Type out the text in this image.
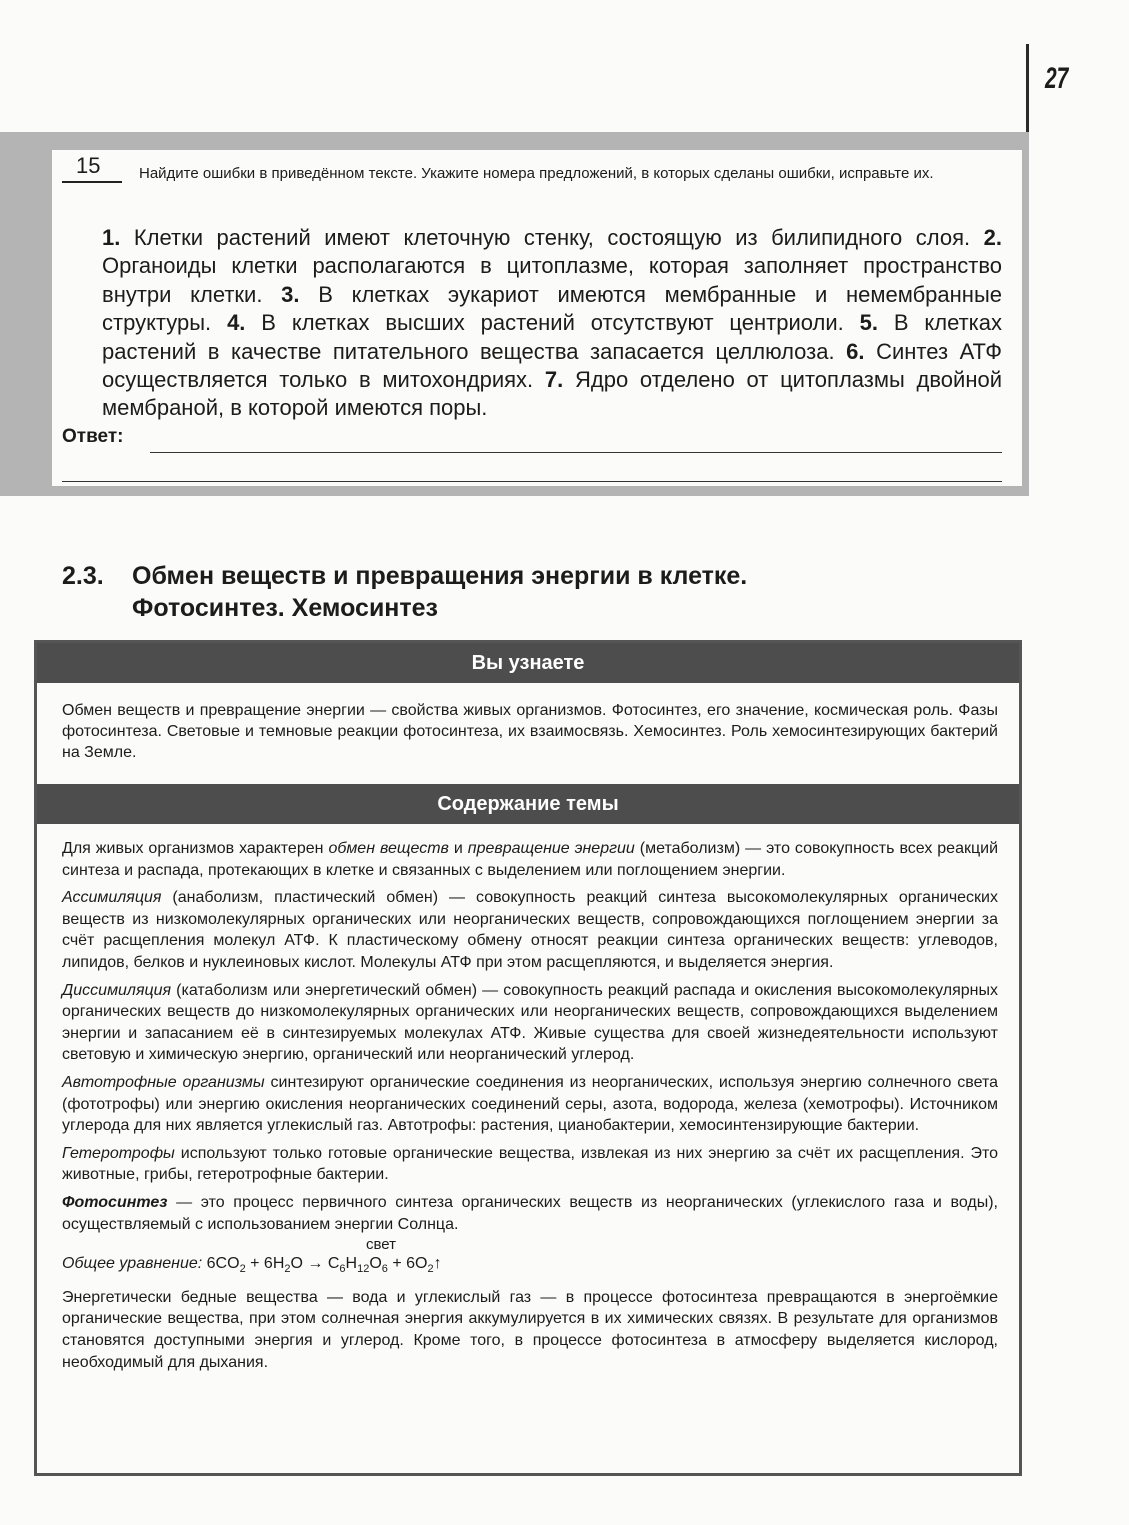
27
15	Найдите ошибки в приведённом тексте. Укажите номера предложений, в которых сделаны ошибки, исправьте их.
1. Клетки растений имеют клеточную стенку, состоящую из билипидного слоя. 2. Органоиды клетки располагаются в цитоплазме, которая заполняет пространство внутри клетки. 3. В клетках эукариот имеются мембранные и немембранные структуры. 4. В клетках высших растений отсутствуют центриоли. 5. В клетках растений в качестве питательного вещества запасается целлюлоза. 6. Синтез АТФ осуществляется только в митохондриях. 7. Ядро отделено от цитоплазмы двойной мембраной, в которой имеются поры.
Ответ:
2.3. Обмен веществ и превращения энергии в клетке.
Фотосинтез. Хемосинтез
Вы узнаете
Обмен веществ и превращение энергии — свойства живых организмов. Фотосинтез, его значение, космическая роль. Фазы фотосинтеза. Световые и темновые реакции фотосинтеза, их взаимосвязь. Хемосинтез. Роль хемосинтезирующих бактерий на Земле.
Содержание темы

Для живых организмов характерен обмен веществ и превращение энергии (метаболизм) — это совокупность всех реакций синтеза и распада, протекающих в клетке и связанных с выделением или поглощением энергии.

Ассимиляция (анаболизм, пластический обмен) — совокупность реакций синтеза высокомолекулярных органических веществ из низкомолекулярных органических или неорганических веществ, сопровождающихся поглощением энергии за счёт расщепления молекул АТФ. К пластическому обмену относят реакции синтеза органических веществ: углеводов, липидов, белков и нуклеиновых кислот. Молекулы АТФ при этом расщепляются, и выделяется энергия.

Диссимиляция (катаболизм или энергетический обмен) — совокупность реакций распада и окисления высокомолекулярных органических веществ до низкомолекулярных органических или неорганических веществ, сопровождающихся выделением энергии и запасанием её в синтезируемых молекулах АТФ. Живые существа для своей жизнедеятельности используют световую и химическую энергию, органический или неорганический углерод.

Автотрофные организмы синтезируют органические соединения из неорганических, используя энергию солнечного света (фототрофы) или энергию окисления неорганических соединений серы, азота, водорода, железа (хемотрофы). Источником углерода для них является углекислый газ. Автотрофы: растения, цианобактерии, хемосинтензирующие бактерии.

Гетеротрофы используют только готовые органические вещества, извлекая из них энергию за счёт их расщепления. Это животные, грибы, гетеротрофные бактерии.

Фотосинтез — это процесс первичного синтеза органических веществ из неорганических (углекислого газа и воды), осуществляемый с использованием энергии Солнца.

свет
Общее уравнение: $6CO_2 + 6H_2O \to C_6H_{12}O_6$ + $6O_2↑$

Энергетически бедные вещества — вода и углекислый газ — в процессе фотосинтеза превращаются в энергоёмкие органические вещества, при этом солнечная энергия аккумулируется в их химических связях. В результате для организмов становятся доступными энергия и углерод. Кроме того, в процессе фотосинтеза в атмосферу выделяется кислород, необходимый для дыхания.
